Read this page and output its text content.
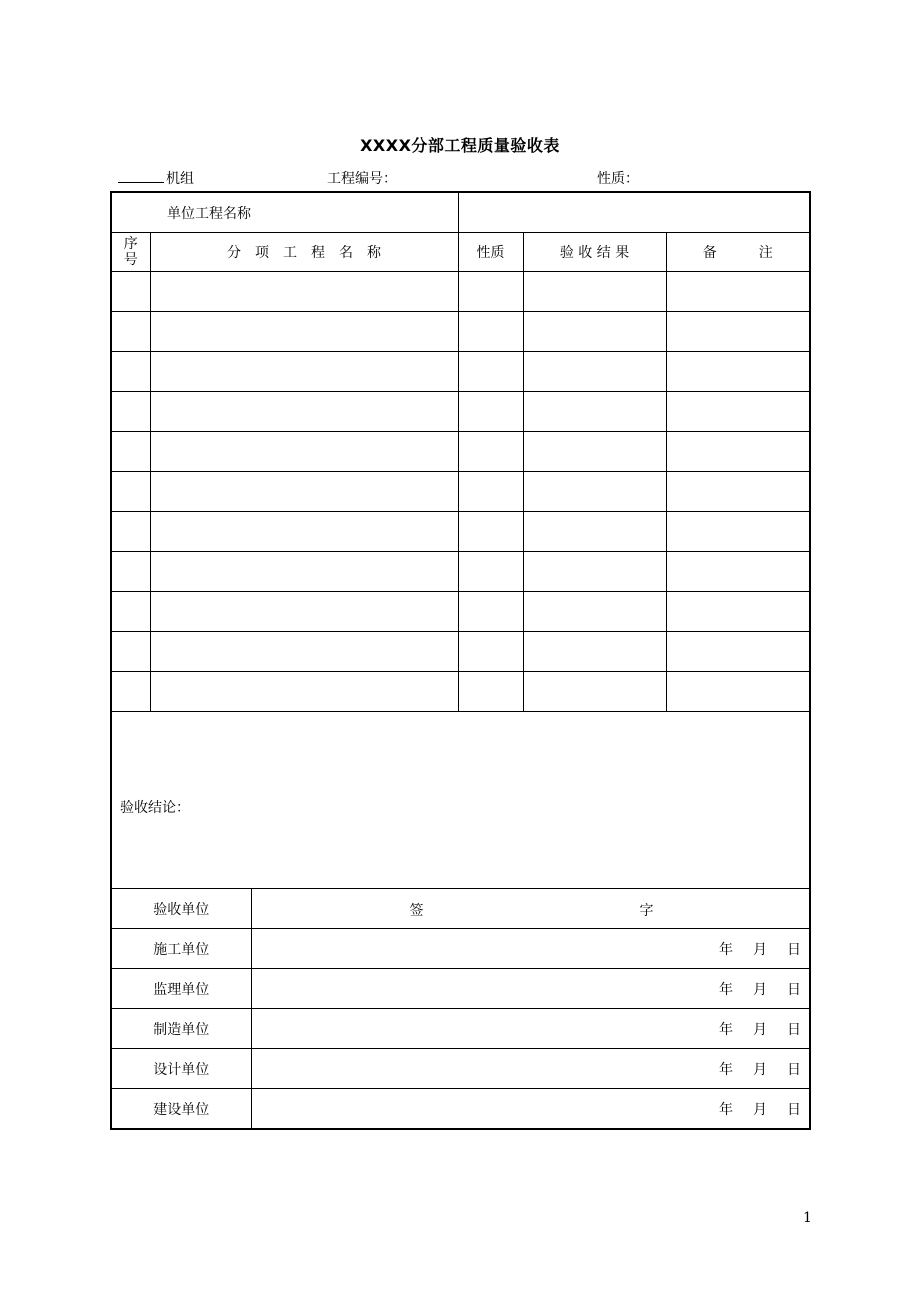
XXXX分部工程质量验收表
机组	工程编号：	性质：
单位工程名称					

序
号	分　项　工　程　名　称		性质	验 收 结 果	备　　　注

验收结论：					

验收单位		签 字			

施工单位		年 月 日			
监理单位		年 月 日			
制造单位		年 月 日			
设计单位		年 月 日			
建设单位		年 月 日			
1
